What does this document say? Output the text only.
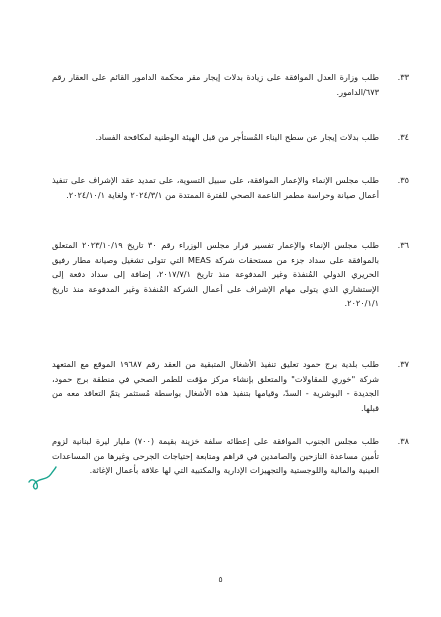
٣٣.
طلب وزارة العدل الموافقة على زيادة بدلات إيجار مقر محكمة الدامور القائم على العقار رقم ٦٧٣/الدامور.
٣٤.
طلب بدلات إيجار عن سطح البناء المُستأجر من قبل الهيئة الوطنية لمكافحة الفساد.
٣٥.
طلب مجلس الإنماء والإعمار الموافقة، على سبيل التسوية، على تمديد عقد الإشراف على تنفيذ أعمال صيانة وحراسة مطمر الناعمة الصحي للفترة الممتدة من ٢٠٢٤/٣/١ ولغاية ٢٠٢٤/١٠/١.
٣٦.
طلب مجلس الإنماء والإعمار تفسير قرار مجلس الوزراء رقم ٣٠ تاريخ ٢٠٢٣/١٠/١٩ المتعلق بالموافقة على سداد جزء من مستحقات شركة MEAS التي تتولى تشغيل وصيانة مطار رفيق الحريري الدولي المُنفذة وغير المدفوعة منذ تاريخ ٢٠١٧/٧/١، إضافة إلى سداد دفعة إلى الإستشاري الذي يتولى مهام الإشراف على أعمال الشركة المُنفذة وغير المدفوعة منذ تاريخ ٢٠٢٠/١/١.
٣٧.
طلب بلدية برج حمود تعليق تنفيذ الأشغال المتبقية من العقد رقم ١٩٦٨٧ الموقع مع المتعهد شركة "خوري للمقاولات" والمتعلق بإنشاء مركز مؤقت للطمر الصحي في منطقة برج حمود، الجديدة - البوشرية - السدّ، وقيامها بتنفيذ هذه الأشغال بواسطة مُستثمر يتمّ التعاقد معه من قبلها.
٣٨.
طلب مجلس الجنوب الموافقة على إعطائه سلفة خزينة بقيمة (٧٠٠) مليار ليرة لبنانية لزوم تأمين مساعدة النازحين والصامدين في قراهم ومتابعة إحتياجات الجرحى وغيرها من المساعدات العينية والمالية واللوجستية والتجهيزات الإدارية والمكتبية التي لها علاقة بأعمال الإغاثة.
٥
